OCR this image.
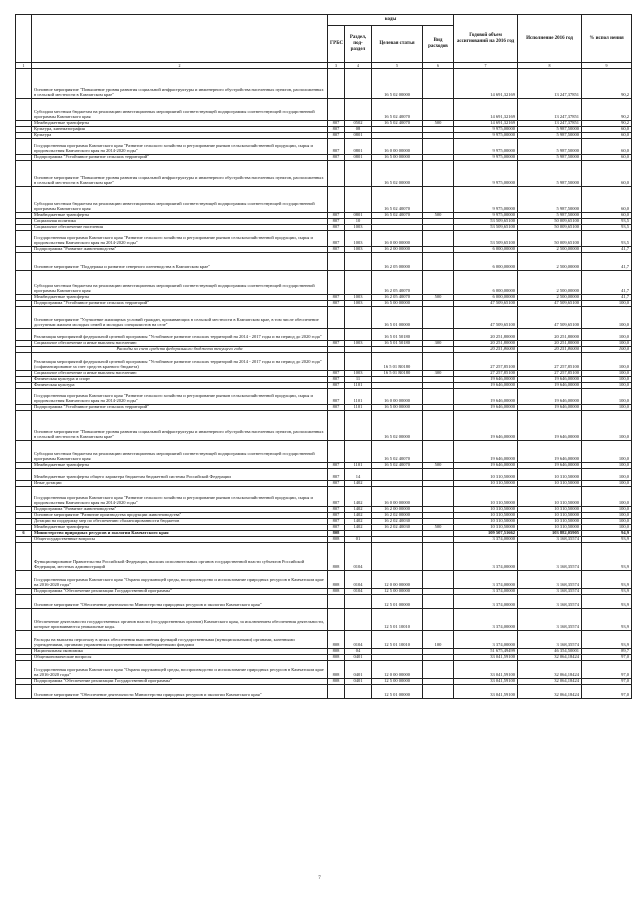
		коды				Годовой объем ассигнований на 2016 год	Исполнение 2016 год	% испол нения
		ГРБС	Раздел, под-раздел	Целевая статья	Вид расходов			
1	2	3	4	5	6	7	8	9
	Основное мероприятие "Повышение уровня развития социальной инфраструктуры и инженерного обустройства населенных пунктов, расположенных в сельской местности в Камчатском крае"			16 5 02 00000		14 691,32169	13 247,37851	90,2
	Субсидии местным бюджетам на реализацию инвестиционных мероприятий соответствующей подпрограммы соответствующей государственной программы Камчатского края			16 5 02 40070		14 691,32169	13 247,37851	90,2
	Межбюджетные трансферты	807	0502	16 5 02 40070	500	14 691,32169	13 247,37851	90,2
	Культура, кинематография	807	08			9 975,00000	5 987,50000	60,0
	Культура	807	0801			9 975,00000	5 987,50000	60,0
	Государственная программа Камчатского края "Развитие сельского хозяйства и регулирование рынков сельскохозяйственной продукции, сырья и продовольствия Камчатского края на 2014-2020 годы"	807	0801	16 0 00 00000		9 975,00000	5 987,50000	60,0
	Подпрограмма "Устойчивое развитие сельских территорий"	807	0801	16 5 00 00000		9 975,00000	5 987,50000	60,0
	Основное мероприятие "Повышение уровня развития социальной инфраструктуры и инженерного обустройства населенных пунктов, расположенных в сельской местности в Камчатском крае"			16 5 02 00000		9 975,00000	5 987,50000	60,0
	Субсидии местным бюджетам на реализацию инвестиционных мероприятий соответствующей подпрограммы соответствующей государственной программы Камчатского края			16 5 02 40070		9 975,00000	5 987,50000	60,0
	Межбюджетные трансферты	807	0801	16 5 02 40070	500	9 975,00000	5 987,50000	60,0
	Социальная политика	807	10			53 509,65100	50 009,65100	93,5
	Социальное обеспечение населения	807	1003			53 509,65100	50 009,65100	93,5
	Государственная программа Камчатского края "Развитие сельского хозяйства и регулирование рынков сельскохозяйственной продукции, сырья и продовольствия Камчатского края на 2014-2020 годы"	807	1003	16 0 00 00000		53 509,65100	50 009,65100	93,5
	Подпрограмма "Развитие животноводства"	807	1003	16 2 00 00000		6 000,00000	2 500,00000	41,7
	Основное мероприятие "Поддержка и развитие северного оленеводства в Камчатском крае"			16 2 05 00000		6 000,00000	2 500,00000	41,7
	Субсидии местным бюджетам на реализацию инвестиционных мероприятий соответствующей подпрограммы соответствующей государственной программы Камчатского края			16 2 05 40070		6 000,00000	2 500,00000	41,7
	Межбюджетные трансферты	807	1003	16 2 05 40070	500	6 000,00000	2 500,00000	41,7
	Подпрограмма "Устойчивое развитие сельских территорий"	807	1003	16 5 00 00000		47 509,65100	47 509,65100	100,0
	Основное мероприятие "Улучшение жилищных условий граждан, проживающих в сельской местности в Камчатском крае, в том числе обеспечение доступным жильем молодых семей и молодых специалистов на селе"			16 5 01 00000		47 509,65100	47 509,65100	100,0
	Реализация мероприятий федеральной целевой программы "Устойчивое развитие сельских территорий на 2014 - 2017 годы и на период до 2020 года"			16 5 01 50180		20 251,80000	20 251,80000	100,0
	Социальное обеспечение и иные выплаты населению	807	1003	16 5 01 50180	300	20 251,80000	20 251,80000	100,0
	Расходы за счет средств федерального бюджета текущего года					20 251,80000	20 251,80000	100,0
	Реализация мероприятий федеральной целевой программы "Устойчивое развитие сельских территорий на 2014 - 2017 годы и на период до 2020 года" (софинансирование за счет средств краевого бюджета)			16 5 01 R0180		27 257,85100	27 257,85100	100,0
	Социальное обеспечение и иные выплаты населению	807	1003	16 5 01 R0180	300	27 257,85100	27 257,85100	100,0
	Физическая культура и спорт	807	11			19 646,00000	19 646,00000	100,0
	Физическая культура	807	1101			19 646,00000	19 646,00000	100,0
	Государственная программа Камчатского края "Развитие сельского хозяйства и регулирование рынков сельскохозяйственной продукции, сырья и продовольствия Камчатского края на 2014-2020 годы"	807	1101	16 0 00 00000		19 646,00000	19 646,00000	100,0
	Подпрограмма "Устойчивое развитие сельских территорий"	807	1101	16 5 00 00000		19 646,00000	19 646,00000	100,0
	Основное мероприятие "Повышение уровня развития социальной инфраструктуры и инженерного обустройства населенных пунктов, расположенных в сельской местности в Камчатском крае"			16 5 02 00000		19 646,00000	19 646,00000	100,0
	Субсидии местным бюджетам на реализацию инвестиционных мероприятий соответствующей подпрограммы соответствующей государственной программы Камчатского края			16 5 02 40070		19 646,00000	19 646,00000	100,0
	Межбюджетные трансферты	807	1101	16 5 02 40070	500	19 646,00000	19 646,00000	100,0
	Межбюджетные трансферты общего характера бюджетам бюджетной системы Российской Федерации	807	14			10 310,50000	10 310,50000	100,0
	Иные дотации	807	1402			10 310,50000	10 310,50000	100,0
	Государственная программа Камчатского края "Развитие сельского хозяйства и регулирование рынков сельскохозяйственной продукции, сырья и продовольствия Камчатского края на 2014-2020 годы"	807	1402	16 0 00 00000		10 310,50000	10 310,50000	100,0
	Подпрограмма "Развитие животноводства"	807	1402	16 2 00 00000		10 310,50000	10 310,50000	100,0
	Основное мероприятие "Развитие производства продукции животноводства"	807	1402	16 2 02 00000		10 310,50000	10 310,50000	100,0
	Дотации на поддержку мер по обеспечению сбалансированности бюджетов	807	1402	16 2 02 40030		10 310,50000	10 310,50000	100,0
	Межбюджетные трансферты	807	1402	16 2 02 40030	500	10 310,50000	10 310,50000	100,0
6	Министерство природных ресурсов и экологии Камчатского края	808				109 507,51662	103 882,05905	94,9
	Общегосударственные вопросы	808	01			3 374,00000	3 168,35574	93,9
	Функционирование Правительства Российской Федерации, высших исполнительных органов государственной власти субъектов Российской Федерации, местных администраций	808	0104			3 374,00000	3 168,35574	93,9
	Государственная программа Камчатского края "Охрана окружающей среды, воспроизводство и использование природных ресурсов в Камчатском крае на 2016-2020 годы"	808	0104	12 0 00 00000		3 374,00000	3 168,35574	93,9
	Подпрограмма "Обеспечение реализации Государственной программы"	808	0104	12 5 00 00000		3 374,00000	3 168,35574	93,9
	Основное мероприятие "Обеспечение деятельности Министерства природных ресурсов и экологии Камчатского края"			12 5 01 00000		3 374,00000	3 168,35574	93,9
	Обеспечение деятельности государственных органов власти (государственных органов) Камчатского края, за исключением обеспечения деятельности, которые присваиваются уникальные коды.			12 5 01 10010		3 374,00000	3 168,35574	93,9
	Расходы на выплаты персоналу в целях обеспечения выполнения функций государственными (муниципальными) органами, казенными учреждениями, органами управления государственными внебюджетными фондами	808	0104	12 5 01 10010	100	3 374,00000	3 168,35574	93,9
	Национальная экономика	808	04			51 675,49499	46 354,50001	89,7
	Общеэкономические вопросы	808	0401			33 041,59100	32 064,18424	97,0
	Государственная программа Камчатского края "Охрана окружающей среды, воспроизводство и использование природных ресурсов в Камчатском крае на 2016-2020 годы"	808	0401	12 0 00 00000		33 041,59100	32 064,18424	97,0
	Подпрограмма "Обеспечение реализации Государственной программы"	808	0401	12 5 00 00000		33 041,59100	32 064,18424	97,0
	Основное мероприятие "Обеспечение деятельности Министерства природных ресурсов и экологии Камчатского края"			12 5 01 00000		33 041,59100	32 064,18424	97,0
7
